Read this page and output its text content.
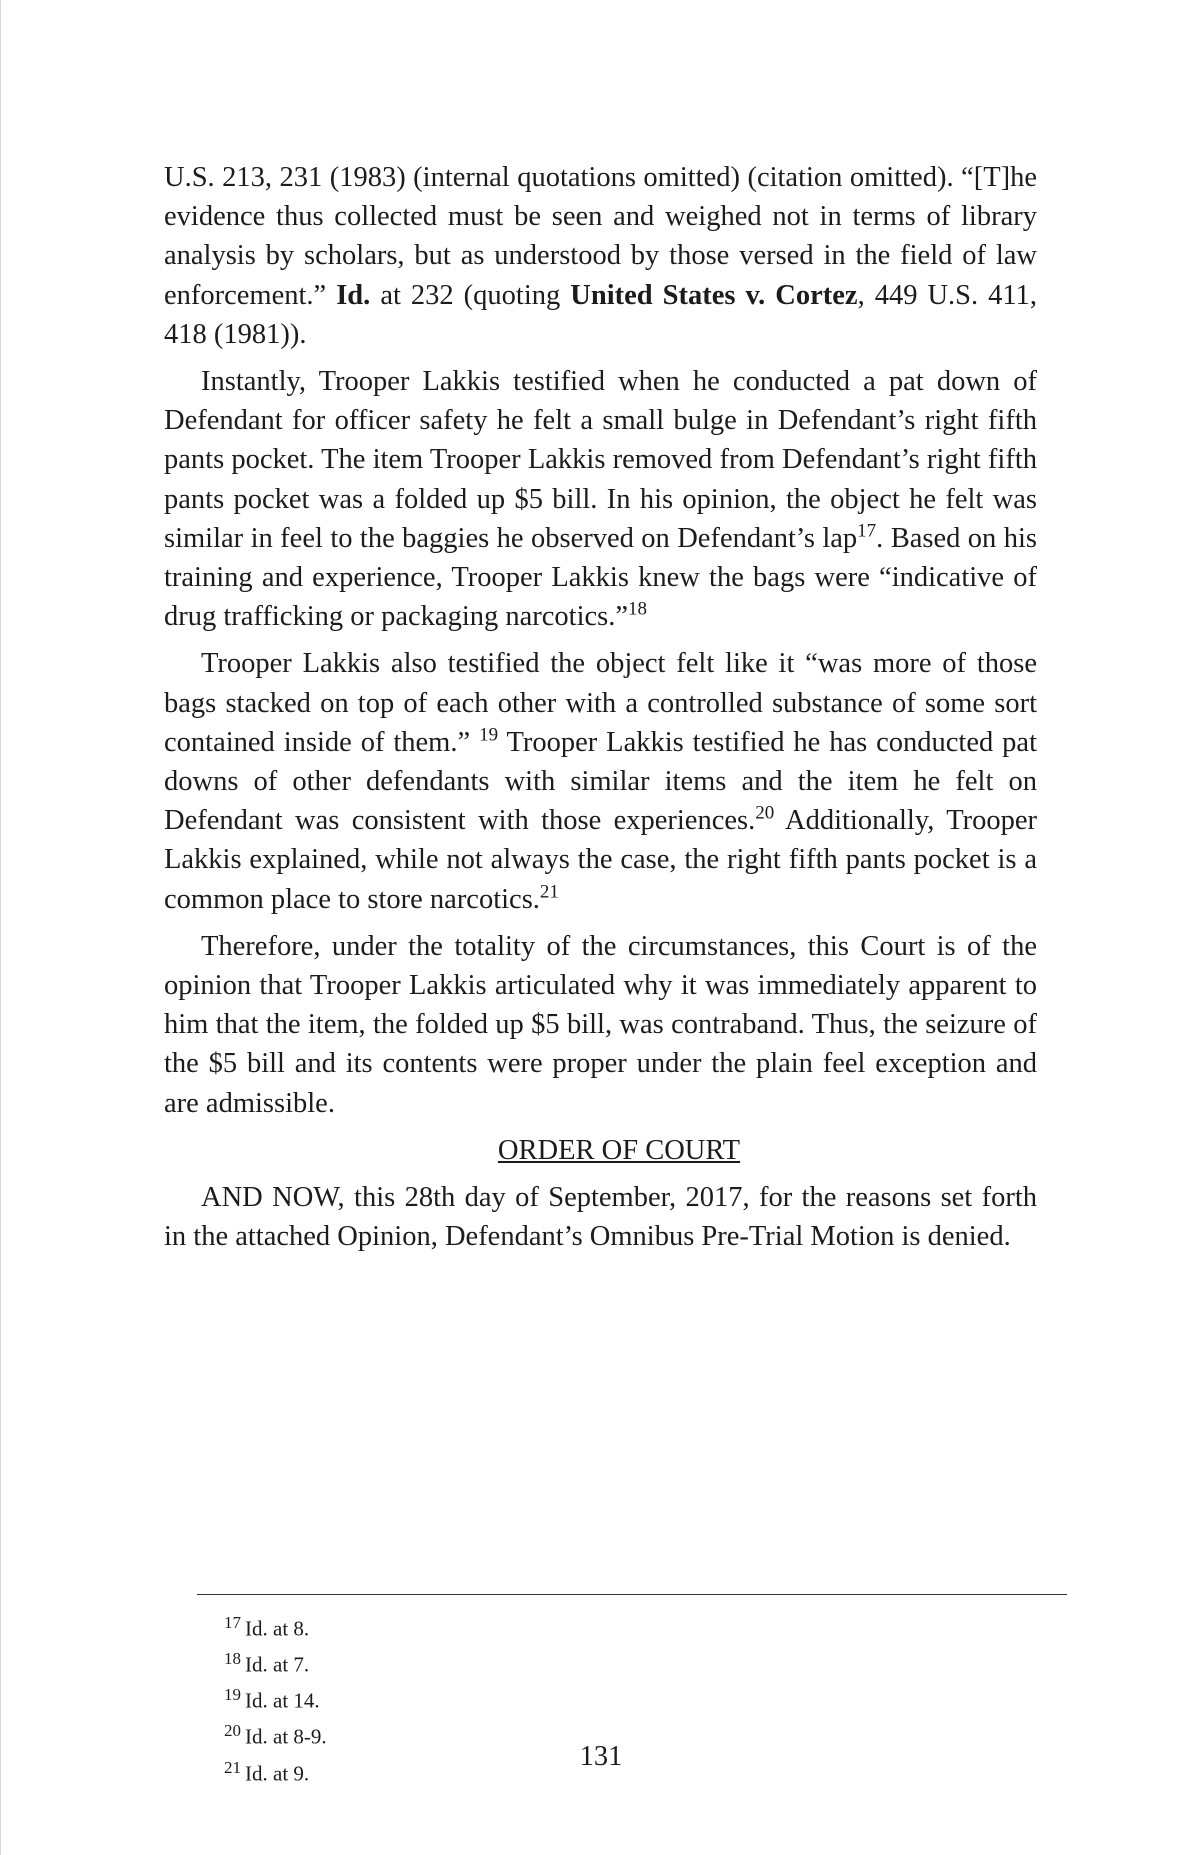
U.S. 213, 231 (1983) (internal quotations omitted) (citation omitted). “[T]he evidence thus collected must be seen and weighed not in terms of library analysis by scholars, but as understood by those versed in the field of law enforcement.” Id. at 232 (quoting United States v. Cortez, 449 U.S. 411, 418 (1981)).

Instantly, Trooper Lakkis testified when he conducted a pat down of Defendant for officer safety he felt a small bulge in Defendant’s right fifth pants pocket. The item Trooper Lakkis removed from Defendant’s right fifth pants pocket was a folded up $5 bill. In his opinion, the object he felt was similar in feel to the baggies he observed on Defendant’s lap$^{17}$. Based on his training and experience, Trooper Lakkis knew the bags were “indicative of drug trafficking or packaging narcotics.”$^{18}$

Trooper Lakkis also testified the object felt like it “was more of those bags stacked on top of each other with a controlled substance of some sort contained inside of them.” $^{19}$ Trooper Lakkis testified he has conducted pat downs of other defendants with similar items and the item he felt on Defendant was consistent with those experiences.$^{20}$ Additionally, Trooper Lakkis explained, while not always the case, the right fifth pants pocket is a common place to store narcotics.$^{21}$

Therefore, under the totality of the circumstances, this Court is of the opinion that Trooper Lakkis articulated why it was immediately apparent to him that the item, the folded up $5 bill, was contraband. Thus, the seizure of the $5 bill and its contents were proper under the plain feel exception and are admissible.

ORDER OF COURT

AND NOW, this 28th day of September, 2017, for the reasons set forth in the attached Opinion, Defendant’s Omnibus Pre-Trial Motion is denied.

$^{17}$ Id. at 8.
$^{18}$ Id. at 7.
$^{19}$ Id. at 14.
$^{20}$ Id. at 8-9.
$^{21}$ Id. at 9.
131
